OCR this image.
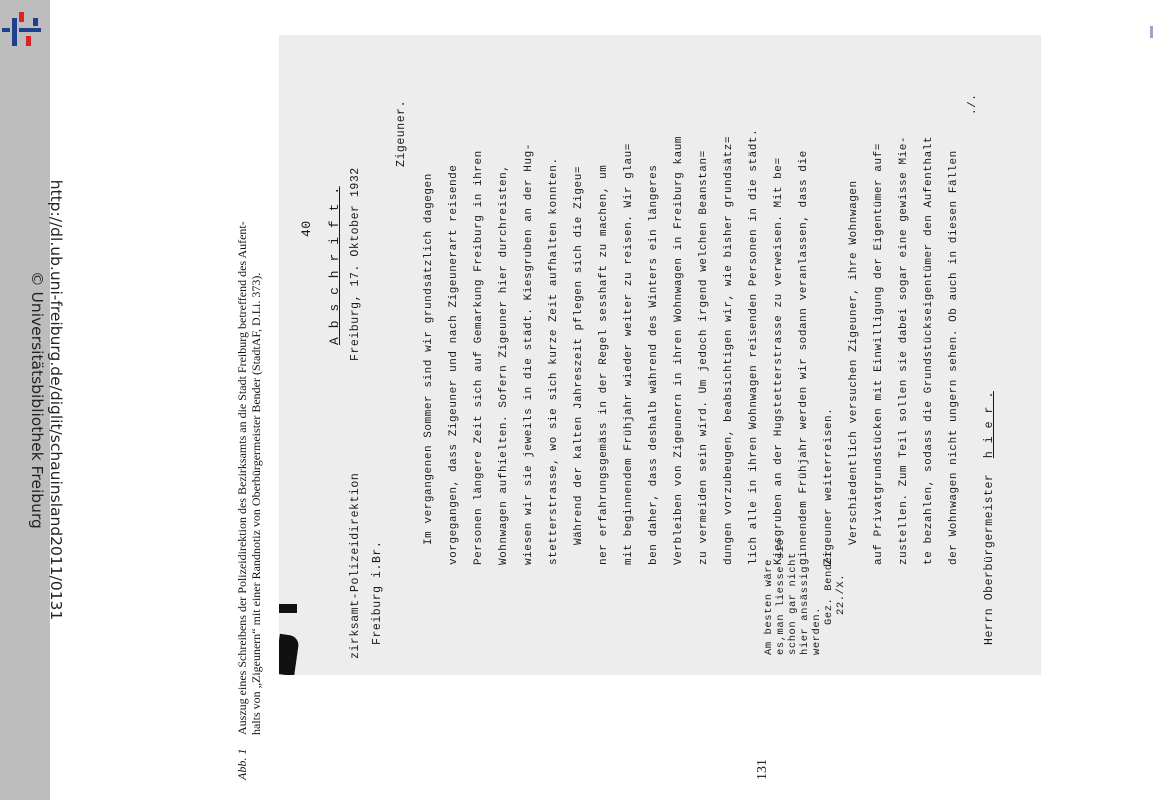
http://dl.ub.uni-freiburg.de/diglit/schauinsland2011/0131
© Universitätsbibliothek Freiburg
Abb. 1
Auszug eines Schreibens der Polizeidirektion des Bezirksamts an die Stadt Freiburg betreffend des Aufent- halts von „Zigeunern“ mit einer Randnotiz von Oberbürgermeister Bender (StadtAF, D.Li. 373).
131
40 A b s c h r i f t .
zirksamt-Polizeidirektion Freiburg i.Br.
Freiburg, 17. Oktober 1932
Zigeuner.
Im vergangenen Sommer sind wir grundsätzlich dagegen	vorgegangen, dass Zigeuner und nach Zigeunerart reisende	Personen längere Zeit sich auf Gemarkung Freiburg in ihren	Wohnwagen aufhielten. Sofern Zigeuner hier durchreisten,	wiesen wir sie jeweils in die städt. Kiesgruben an der Hug-	stetterstrasse, wo sie sich kurze Zeit aufhalten konnten.	Während der kalten Jahreszeit pflegen sich die Zigeu=	ner erfahrungsgemäss in der Regel sesshaft zu machen, um	mit beginnendem Frühjahr wieder weiter zu reisen. Wir glau=	ben daher, dass deshalb während des Winters ein längeres	Verbleiben von Zigeunern in ihren Wohnwagen in Freiburg kaum	zu vermeiden sein wird. Um jedoch irgend welchen Beanstan=	dungen vorzubeugen, beabsichtigen wir, wie bisher grundsätz=	lich alle in ihren Wohnwagen reisenden Personen in die städt.	Kiesgruben an der Hugstetterstrasse zu verweisen. Mit be=	ginnendem Frühjahr werden wir sodann veranlassen, dass die	Zigeuner weiterreisen.	Verschiedentlich versuchen Zigeuner, ihre Wohnwagen	auf Privatgrundstücken mit Einwilligung der Eigentümer auf=	zustellen. Zum Teil sollen sie dabei sogar eine gewisse Mie-	te bezahlen, sodass die Grundstückseigentümer den Aufenthalt	der Wohnwagen nicht ungern sehen. Ob auch in diesen Fällen
./.
Am besten wäre es,man liesse sie schon gar nicht hier ansässig werden.
Gez. Bender 22./X.	Herrn Oberbürgermeister h i e r .
